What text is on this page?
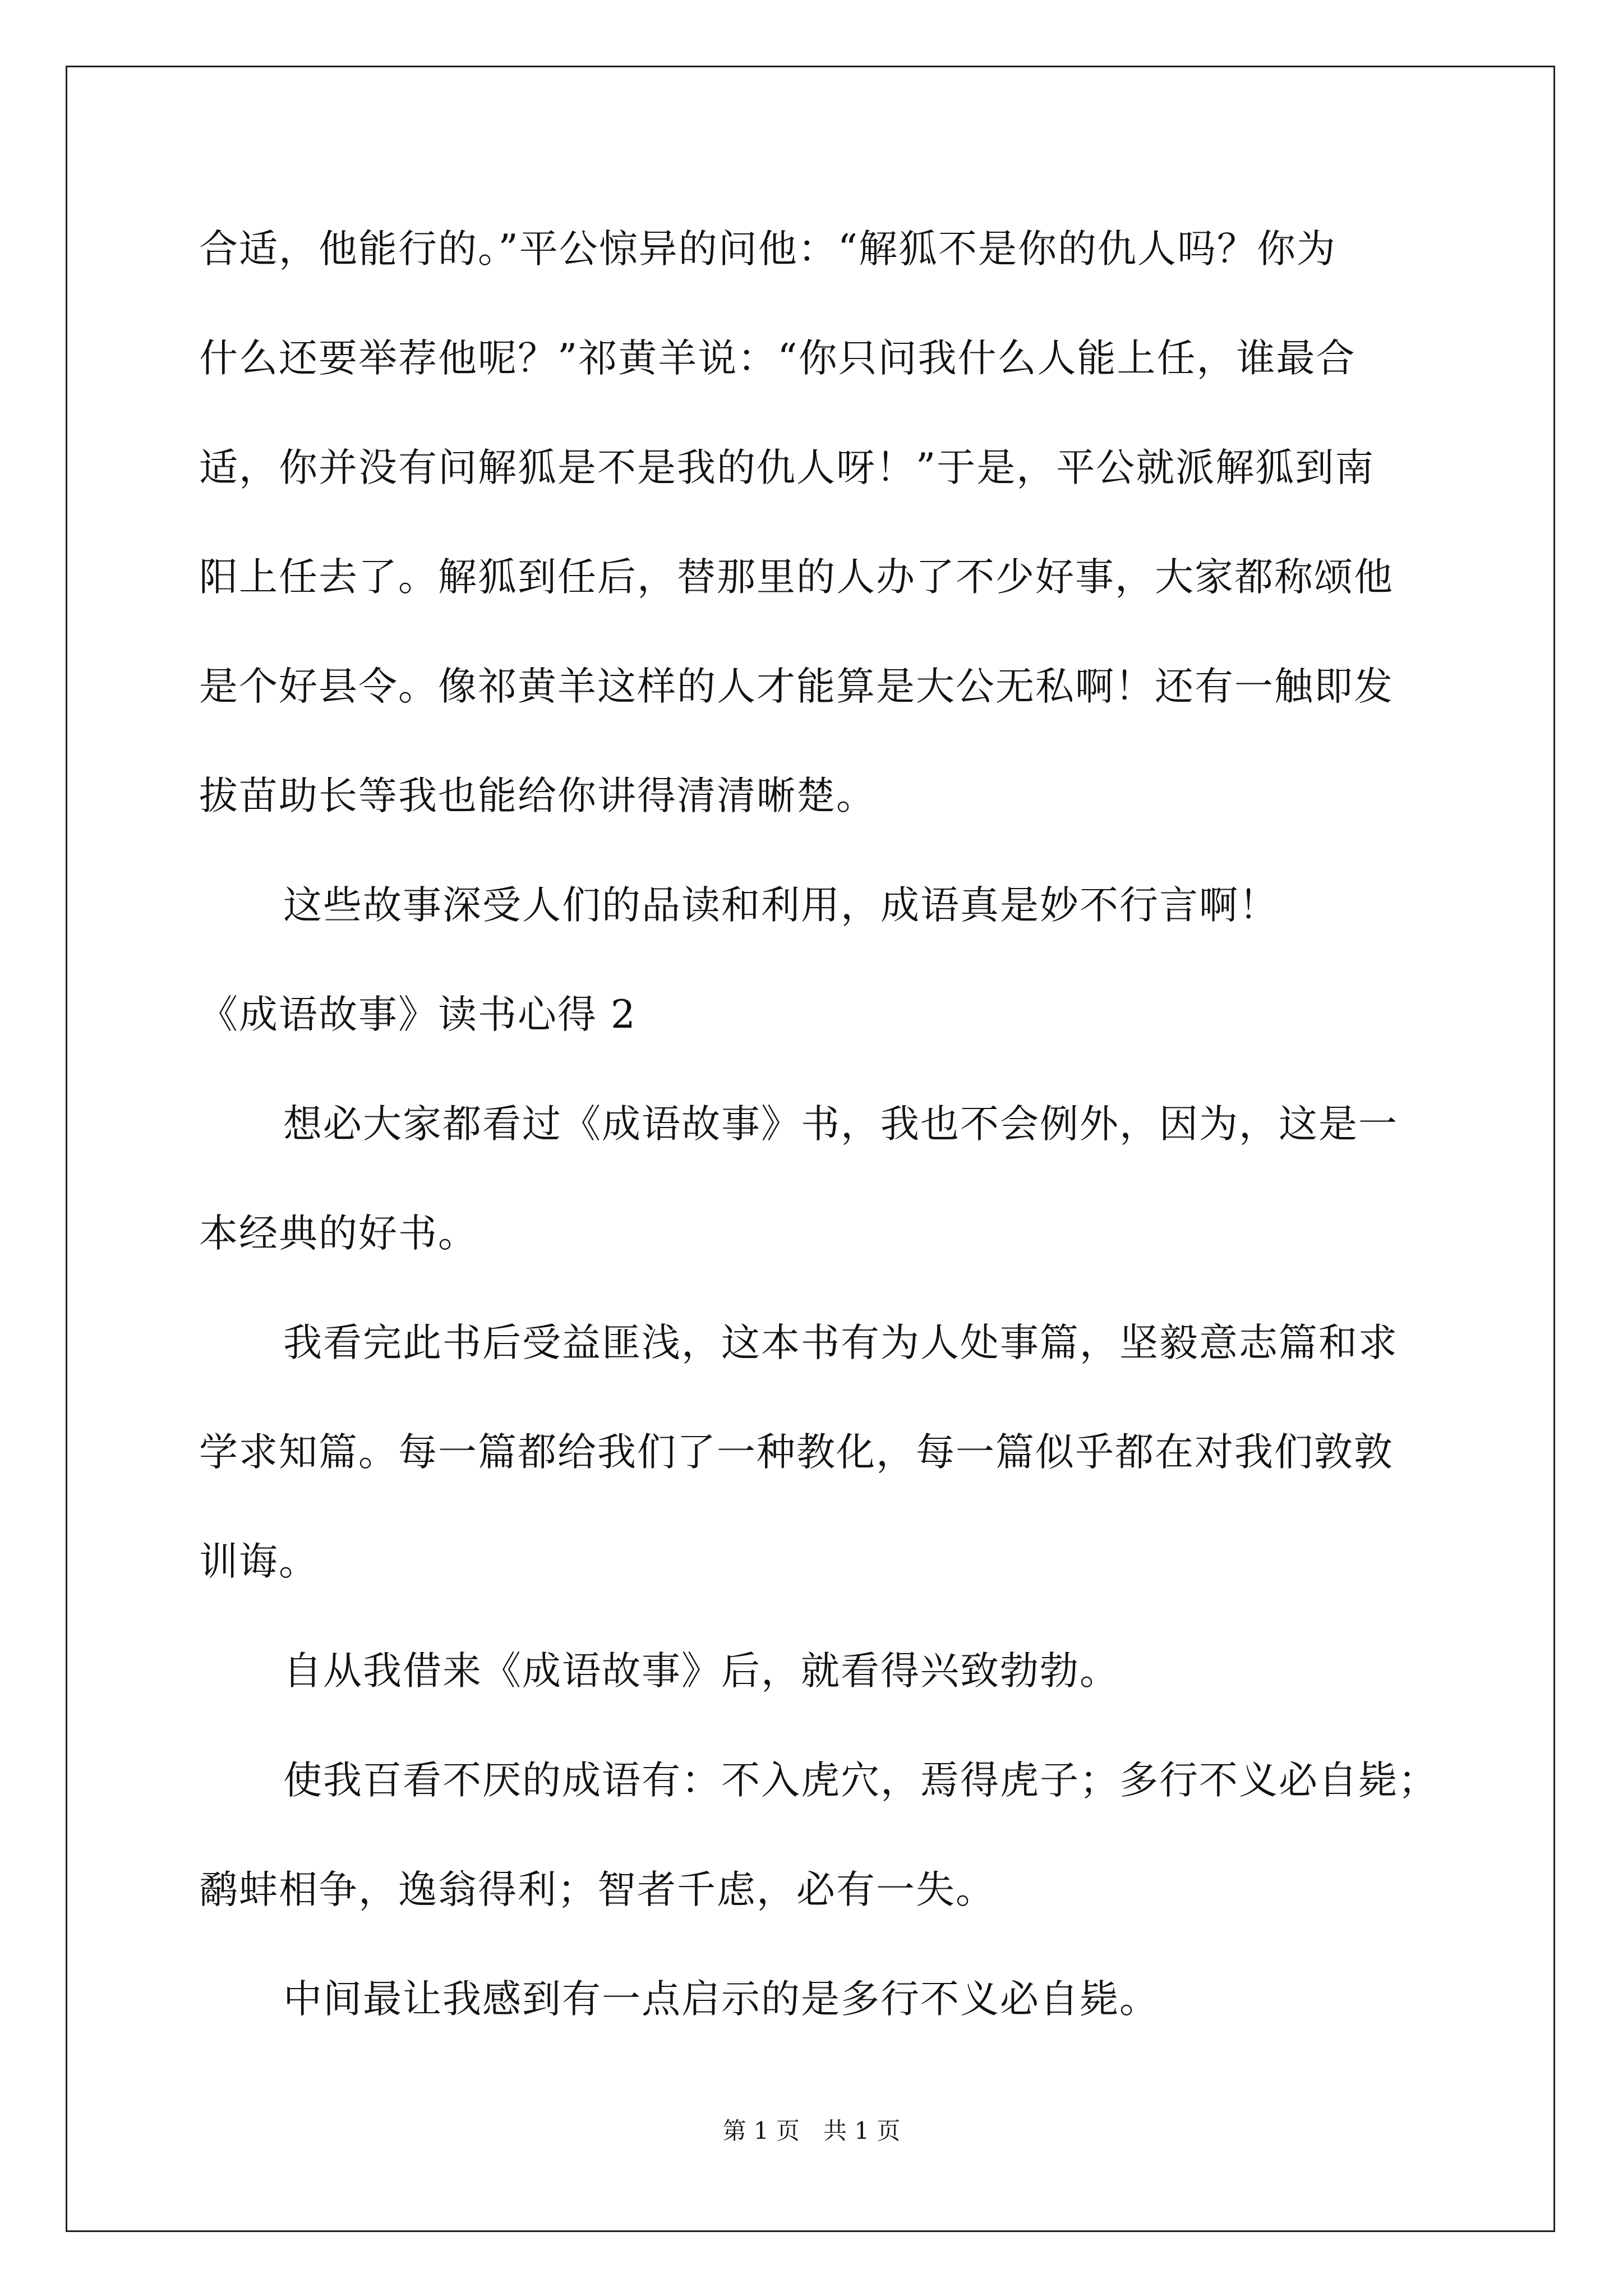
合适，他能行的。”平公惊异的问他：“解狐不是你的仇人吗？你为
什么还要举荐他呢？”祁黄羊说：“你只问我什么人能上任，谁最合
适，你并没有问解狐是不是我的仇人呀！”于是，平公就派解狐到南
阳上任去了。解狐到任后，替那里的人办了不少好事，大家都称颂他
是个好县令。像祁黄羊这样的人才能算是大公无私啊！还有一触即发
拔苗助长等我也能给你讲得清清晰楚。
这些故事深受人们的品读和利用，成语真是妙不行言啊！
《成语故事》读书心得 2
想必大家都看过《成语故事》书，我也不会例外，因为，这是一
本经典的好书。
我看完此书后受益匪浅，这本书有为人处事篇，坚毅意志篇和求
学求知篇。每一篇都给我们了一种教化，每一篇似乎都在对我们敦敦
训诲。
自从我借来《成语故事》后，就看得兴致勃勃。
使我百看不厌的成语有：不入虎穴，焉得虎子；多行不义必自毙；
鹬蚌相争，逸翁得利；智者千虑，必有一失。
中间最让我感到有一点启示的是多行不义必自毙。
第 1 页　共 1 页
